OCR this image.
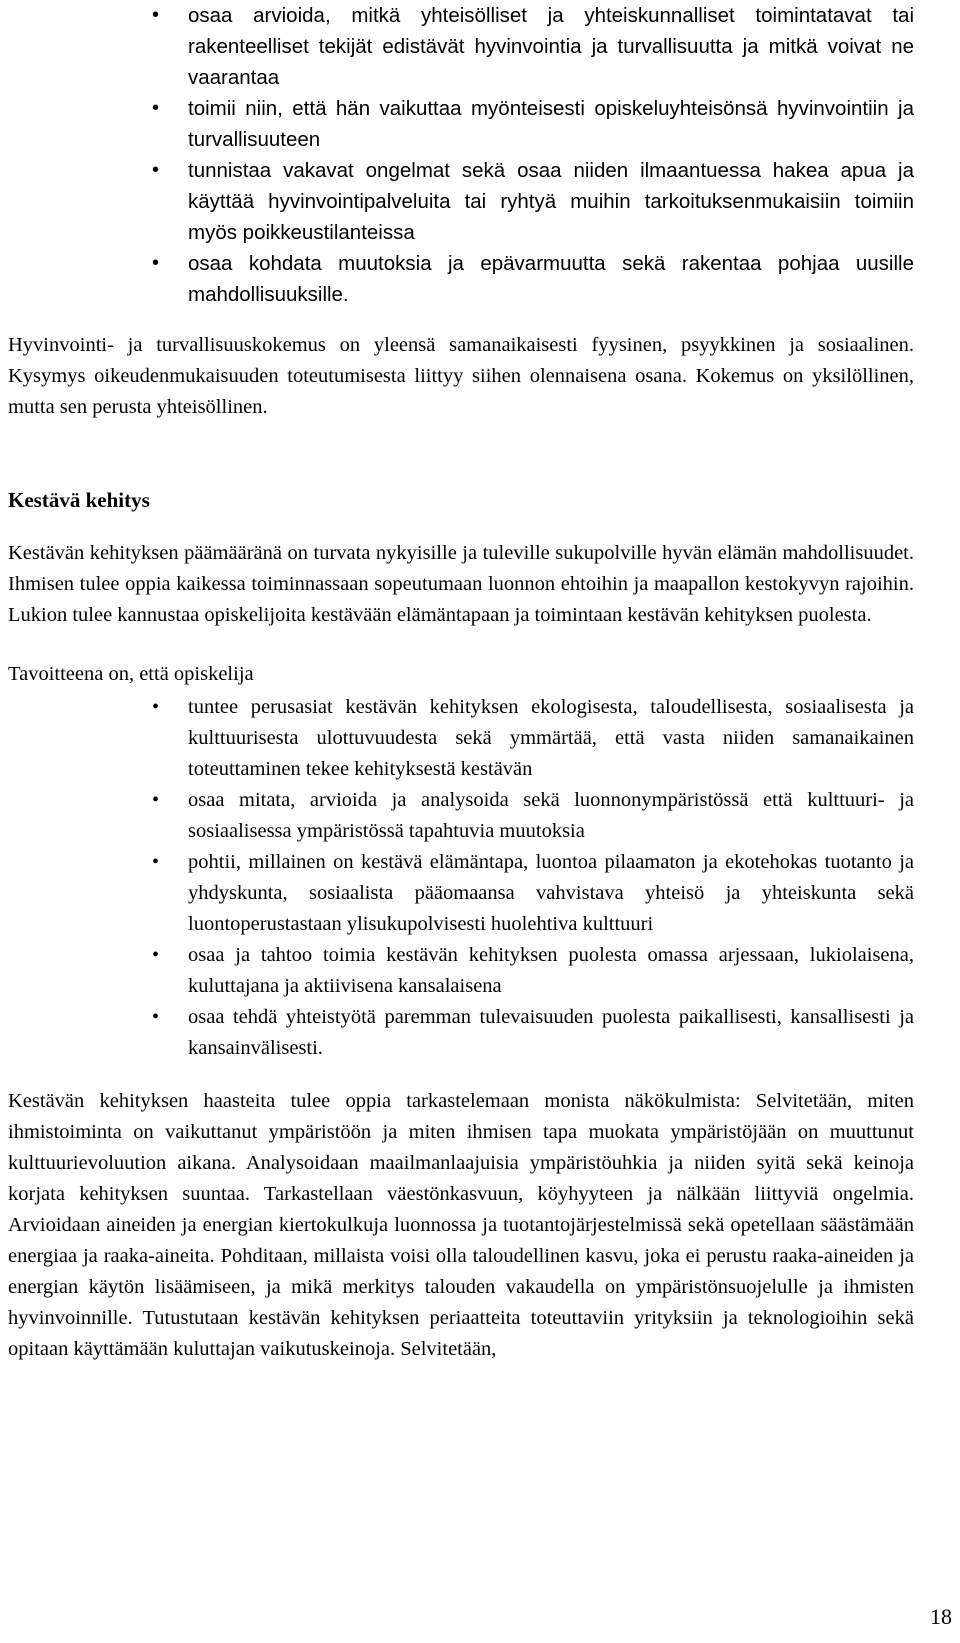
• osaa arvioida, mitkä yhteisölliset ja yhteiskunnalliset toimintatavat tai rakenteelliset tekijät edistävät hyvinvointia ja turvallisuutta ja mitkä voivat ne vaarantaa
• toimii niin, että hän vaikuttaa myönteisesti opiskeluyhteisönsä hyvinvointiin ja turvallisuuteen
• tunnistaa vakavat ongelmat sekä osaa niiden ilmaantuessa hakea apua ja käyttää hyvinvointipalveluita tai ryhtyä muihin tarkoituksenmukaisiin toimiin myös poikkeustilanteissa
• osaa kohdata muutoksia ja epävarmuutta sekä rakentaa pohjaa uusille mahdollisuuksille.

Hyvinvointi- ja turvallisuuskokemus on yleensä samanaikaisesti fyysinen, psyykkinen ja sosiaalinen. Kysymys oikeudenmukaisuuden toteutumisesta liittyy siihen olennaisena osana. Kokemus on yksilöllinen, mutta sen perusta yhteisöllinen.

Kestävä kehitys

Kestävän kehityksen päämääränä on turvata nykyisille ja tuleville sukupolville hyvän elämän mahdollisuudet. Ihmisen tulee oppia kaikessa toiminnassaan sopeutumaan luonnon ehtoihin ja maapallon kestokyvyn rajoihin. Lukion tulee kannustaa opiskelijoita kestävään elämäntapaan ja toimintaan kestävän kehityksen puolesta.

Tavoitteena on, että opiskelija

• tuntee perusasiat kestävän kehityksen ekologisesta, taloudellisesta, sosiaalisesta ja kulttuurisesta ulottuvuudesta sekä ymmärtää, että vasta niiden samanaikainen toteuttaminen tekee kehityksestä kestävän
• osaa mitata, arvioida ja analysoida sekä luonnonympäristössä että kulttuuri- ja sosiaalisessa ympäristössä tapahtuvia muutoksia
• pohtii, millainen on kestävä elämäntapa, luontoa pilaamaton ja ekotehokas tuotanto ja yhdyskunta, sosiaalista pääomaansa vahvistava yhteisö ja yhteiskunta sekä luontoperustastaan ylisukupolvisesti huolehtiva kulttuuri
• osaa ja tahtoo toimia kestävän kehityksen puolesta omassa arjessaan, lukiolaisena, kuluttajana ja aktiivisena kansalaisena
• osaa tehdä yhteistyötä paremman tulevaisuuden puolesta paikallisesti, kansallisesti ja kansainvälisesti.

Kestävän kehityksen haasteita tulee oppia tarkastelemaan monista näkökulmista: Selvitetään, miten ihmistoiminta on vaikuttanut ympäristöön ja miten ihmisen tapa muokata ympäristöjään on muuttunut kulttuurievoluution aikana. Analysoidaan maailmanlaajuisia ympäristöuhkia ja niiden syitä sekä keinoja korjata kehityksen suuntaa. Tarkastellaan väestönkasvuun, köyhyyteen ja nälkään liittyviä ongelmia. Arvioidaan aineiden ja energian kiertokulkuja luonnossa ja tuotantojärjestelmissä sekä opetellaan säästämään energiaa ja raaka-aineita. Pohditaan, millaista voisi olla taloudellinen kasvu, joka ei perustu raaka-aineiden ja energian käytön lisäämiseen, ja mikä merkitys talouden vakaudella on ympäristönsuojelulle ja ihmisten hyvinvoinnille. Tutustutaan kestävän kehityksen periaatteita toteuttaviin yrityksiin ja teknologioihin sekä opitaan käyttämään kuluttajan vaikutuskeinoja. Selvitetään,

18
